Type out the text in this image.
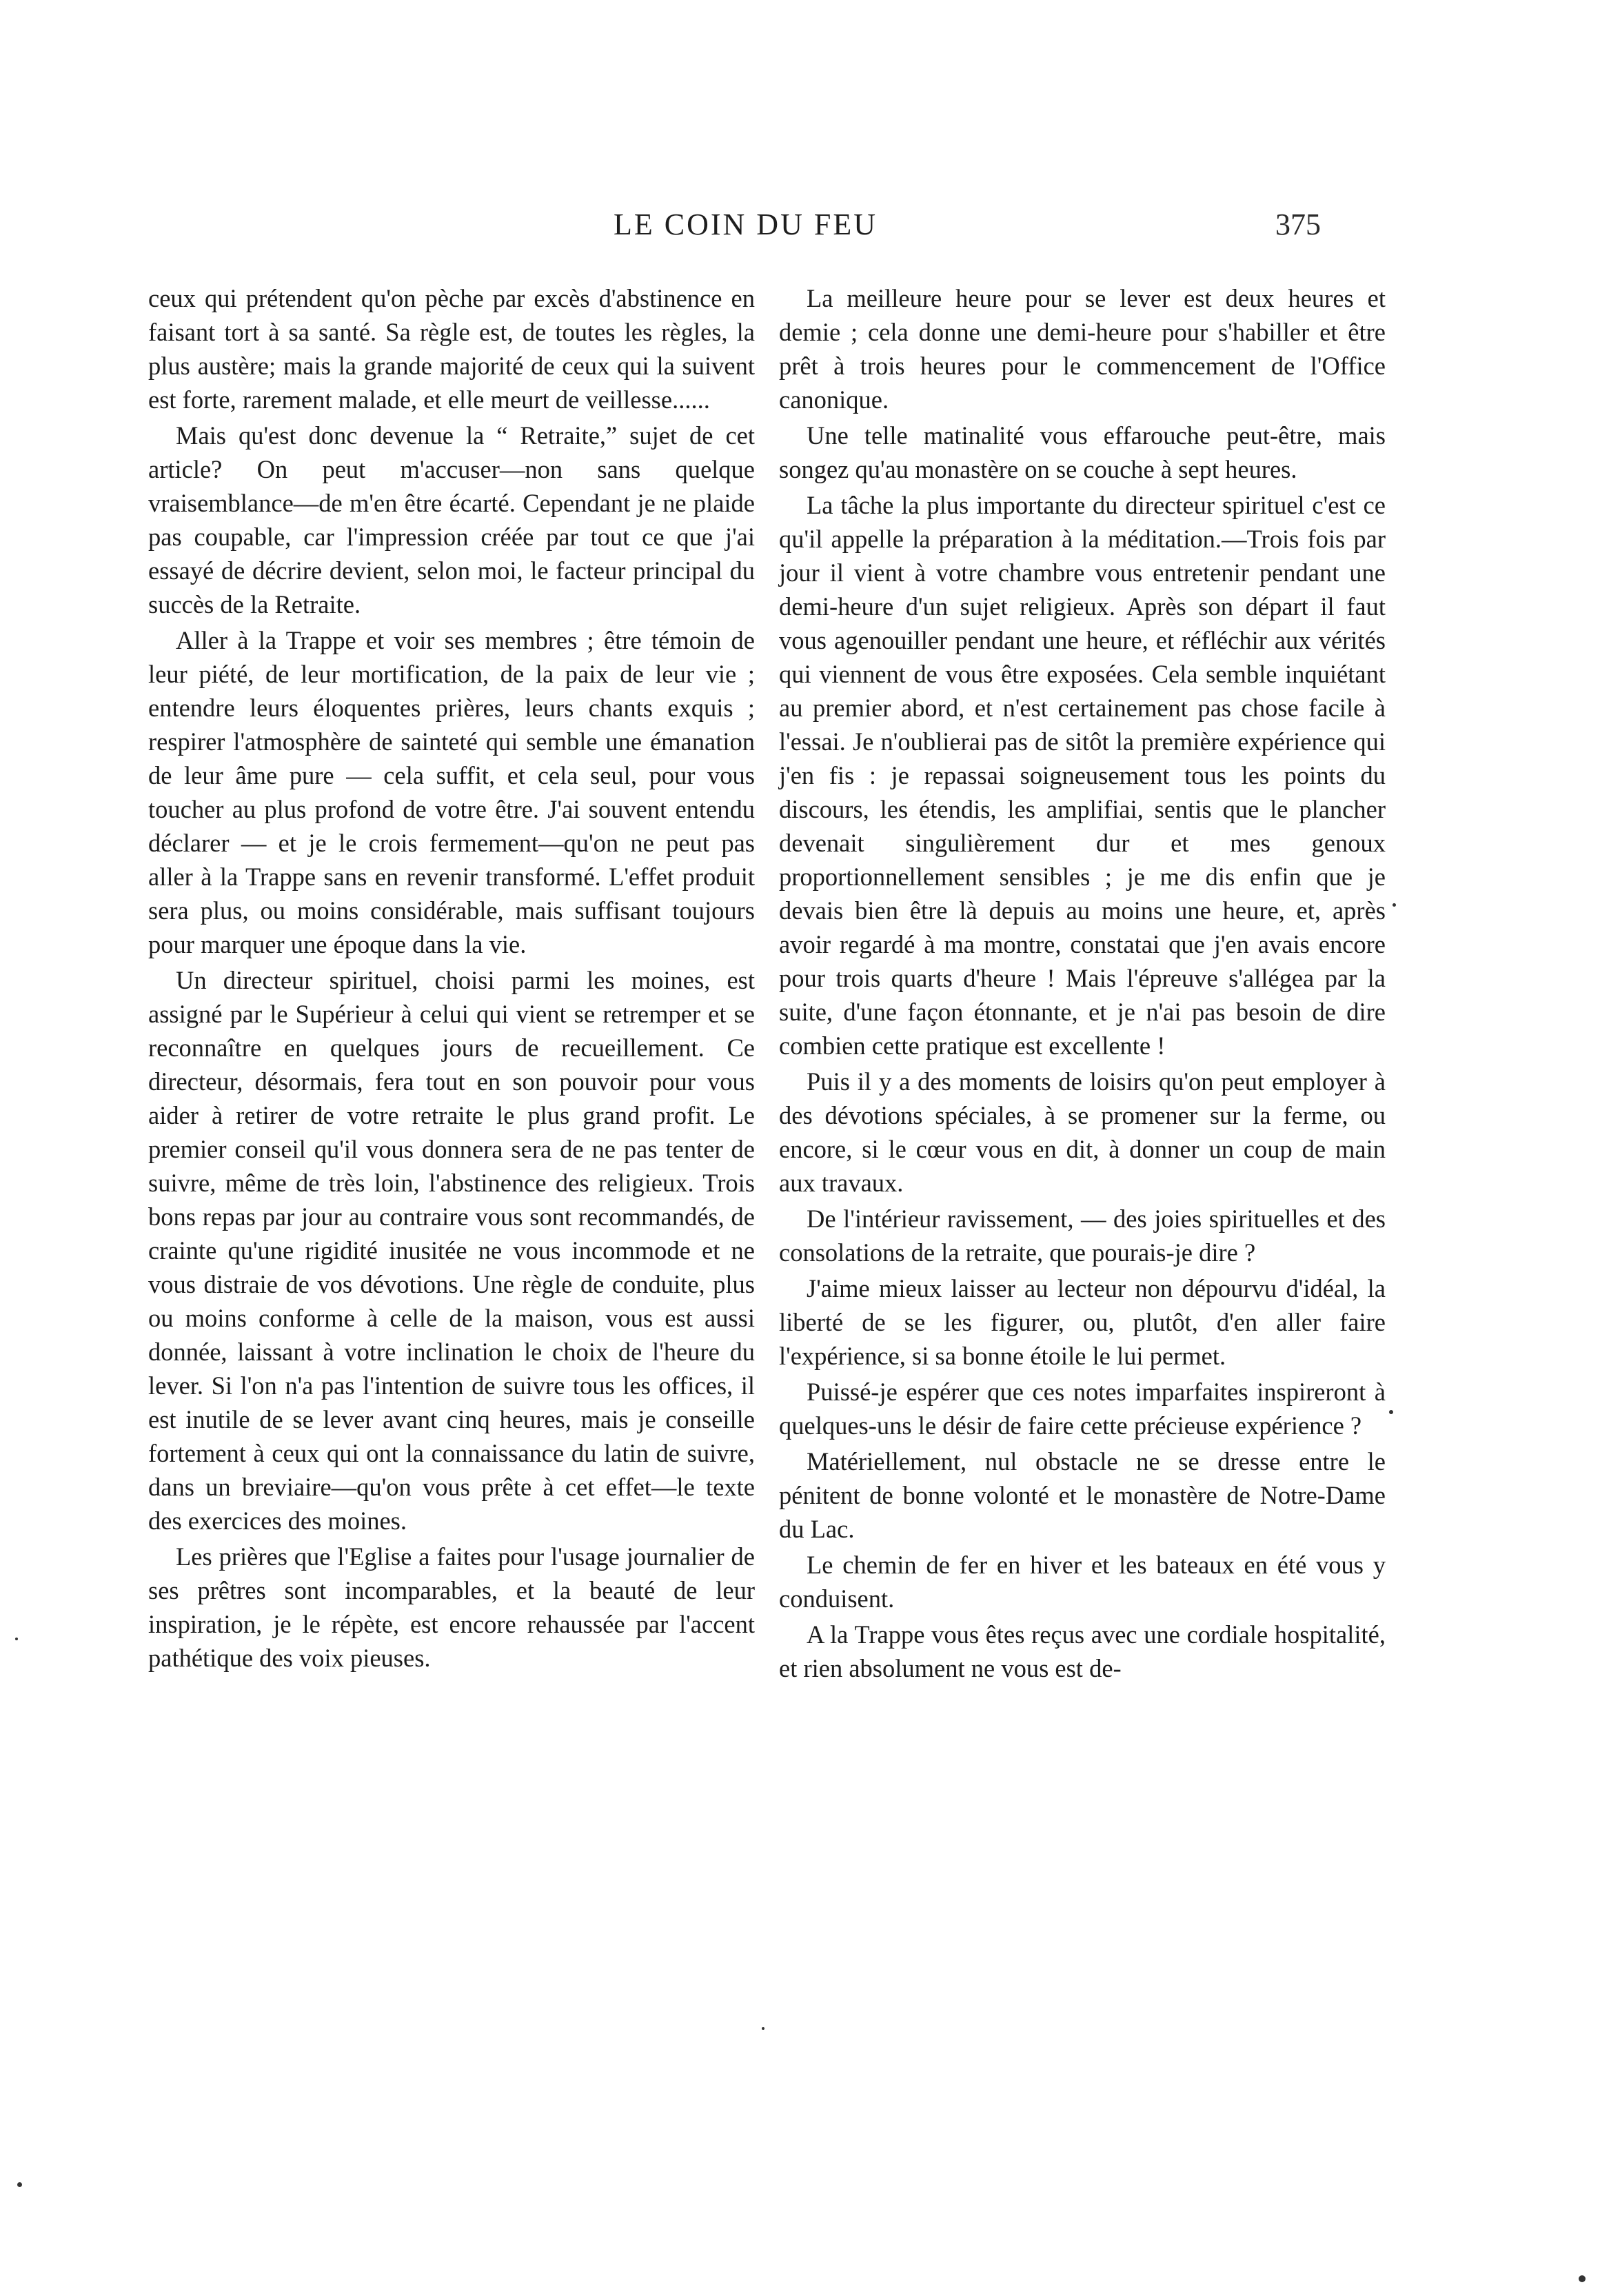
LE COIN DU FEU	375

ceux qui prétendent qu'on pèche par excès d'abstinence en faisant tort à sa santé. Sa règle est, de toutes les règles, la plus austère; mais la grande majorité de ceux qui la suivent est forte, rarement malade, et elle meurt de veillesse......

Mais qu'est donc devenue la “ Retraite,” sujet de cet article? On peut m'accuser—non sans quelque vraisemblance—de m'en être écarté. Cependant je ne plaide pas coupable, car l'impression créée par tout ce que j'ai essayé de décrire devient, selon moi, le facteur principal du succès de la Retraite.

Aller à la Trappe et voir ses membres ; être témoin de leur piété, de leur mortification, de la paix de leur vie ; entendre leurs éloquentes prières, leurs chants exquis ; respirer l'atmosphère de sainteté qui semble une émanation de leur âme pure — cela suffit, et cela seul, pour vous toucher au plus profond de votre être. J'ai souvent entendu déclarer — et je le crois fermement—qu'on ne peut pas aller à la Trappe sans en revenir transformé. L'effet produit sera plus, ou moins considérable, mais suffisant toujours pour marquer une époque dans la vie.

Un directeur spirituel, choisi parmi les moines, est assigné par le Supérieur à celui qui vient se retremper et se reconnaître en quelques jours de recueillement. Ce directeur, désormais, fera tout en son pouvoir pour vous aider à retirer de votre retraite le plus grand profit. Le premier conseil qu'il vous donnera sera de ne pas tenter de suivre, même de très loin, l'abstinence des religieux. Trois bons repas par jour au contraire vous sont recommandés, de crainte qu'une rigidité inusitée ne vous incommode et ne vous distraie de vos dévotions. Une règle de conduite, plus ou moins conforme à celle de la maison, vous est aussi donnée, laissant à votre inclination le choix de l'heure du lever. Si l'on n'a pas l'intention de suivre tous les offices, il est inutile de se lever avant cinq heures, mais je conseille fortement à ceux qui ont la connaissance du latin de suivre, dans un breviaire—qu'on vous prête à cet effet—le texte des exercices des moines.

Les prières que l'Eglise a faites pour l'usage journalier de ses prêtres sont incomparables, et la beauté de leur inspiration, je le répète, est encore rehaussée par l'accent pathétique des voix pieuses.

La meilleure heure pour se lever est deux heures et demie ; cela donne une demi-heure pour s'habiller et être prêt à trois heures pour le commencement de l'Office canonique.

Une telle matinalité vous effarouche peut-être, mais songez qu'au monastère on se couche à sept heures.

La tâche la plus importante du directeur spirituel c'est ce qu'il appelle la préparation à la méditation.—Trois fois par jour il vient à votre chambre vous entretenir pendant une demi-heure d'un sujet religieux. Après son départ il faut vous agenouiller pendant une heure, et réfléchir aux vérités qui viennent de vous être exposées. Cela semble inquiétant au premier abord, et n'est certainement pas chose facile à l'essai. Je n'oublierai pas de sitôt la première expérience qui j'en fis : je repassai soigneusement tous les points du discours, les étendis, les amplifiai, sentis que le plancher devenait singulièrement dur et mes genoux proportionnellement sensibles ; je me dis enfin que je devais bien être là depuis au moins une heure, et, après avoir regardé à ma montre, constatai que j'en avais encore pour trois quarts d'heure ! Mais l'épreuve s'allégea par la suite, d'une façon étonnante, et je n'ai pas besoin de dire combien cette pratique est excellente !

Puis il y a des moments de loisirs qu'on peut employer à des dévotions spéciales, à se promener sur la ferme, ou encore, si le cœur vous en dit, à donner un coup de main aux travaux.

De l'intérieur ravissement, — des joies spirituelles et des consolations de la retraite, que pourais-je dire ?

J'aime mieux laisser au lecteur non dépourvu d'idéal, la liberté de se les figurer, ou, plutôt, d'en aller faire l'expérience, si sa bonne étoile le lui permet.

Puissé-je espérer que ces notes imparfaites inspireront à quelques-uns le désir de faire cette précieuse expérience ?

Matériellement, nul obstacle ne se dresse entre le pénitent de bonne volonté et le monastère de Notre-Dame du Lac.

Le chemin de fer en hiver et les bateaux en été vous y conduisent.

A la Trappe vous êtes reçus avec une cordiale hospitalité, et rien absolument ne vous est de-
